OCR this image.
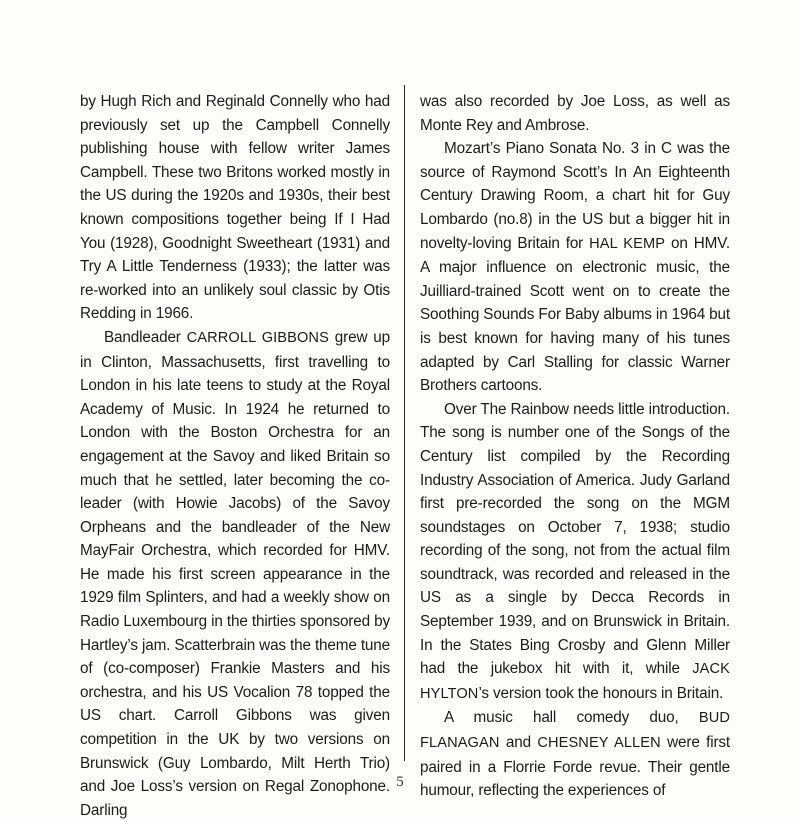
by Hugh Rich and Reginald Connelly who had previously set up the Campbell Connelly publishing house with fellow writer James Campbell. These two Britons worked mostly in the US during the 1920s and 1930s, their best known compositions together being If I Had You (1928), Goodnight Sweetheart (1931) and Try A Little Tenderness (1933); the latter was re-worked into an unlikely soul classic by Otis Redding in 1966.

Bandleader CARROLL GIBBONS grew up in Clinton, Massachusetts, first travelling to London in his late teens to study at the Royal Academy of Music. In 1924 he returned to London with the Boston Orchestra for an engagement at the Savoy and liked Britain so much that he settled, later becoming the co-leader (with Howie Jacobs) of the Savoy Orpheans and the bandleader of the New MayFair Orchestra, which recorded for HMV. He made his first screen appearance in the 1929 film Splinters, and had a weekly show on Radio Luxembourg in the thirties sponsored by Hartley’s jam. Scatterbrain was the theme tune of (co-composer) Frankie Masters and his orchestra, and his US Vocalion 78 topped the US chart. Carroll Gibbons was given competition in the UK by two versions on Brunswick (Guy Lombardo, Milt Herth Trio) and Joe Loss’s version on Regal Zonophone. Darling

was also recorded by Joe Loss, as well as Monte Rey and Ambrose.

Mozart’s Piano Sonata No. 3 in C was the source of Raymond Scott’s In An Eighteenth Century Drawing Room, a chart hit for Guy Lombardo (no.8) in the US but a bigger hit in novelty-loving Britain for HAL KEMP on HMV. A major influence on electronic music, the Juilliard-trained Scott went on to create the Soothing Sounds For Baby albums in 1964 but is best known for having many of his tunes adapted by Carl Stalling for classic Warner Brothers cartoons.

Over The Rainbow needs little introduction. The song is number one of the Songs of the Century list compiled by the Recording Industry Association of America. Judy Garland first pre-recorded the song on the MGM soundstages on October 7, 1938; studio recording of the song, not from the actual film soundtrack, was recorded and released in the US as a single by Decca Records in September 1939, and on Brunswick in Britain. In the States Bing Crosby and Glenn Miller had the jukebox hit with it, while JACK HYLTON’s version took the honours in Britain.

A music hall comedy duo, BUD FLANAGAN and CHESNEY ALLEN were first paired in a Florrie Forde revue. Their gentle humour, reflecting the experiences of

5
